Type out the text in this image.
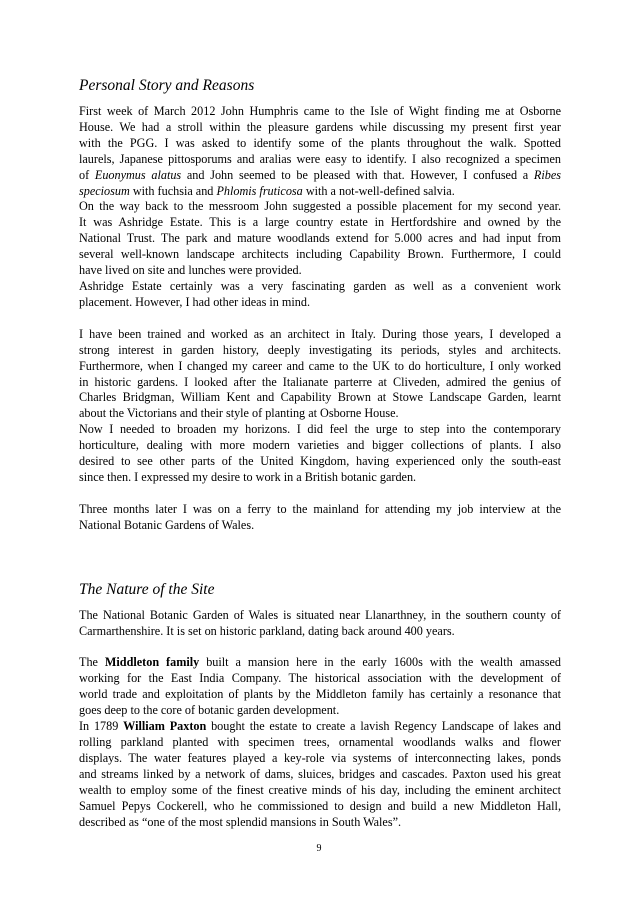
Personal Story and Reasons

First week of March 2012 John Humphris came to the Isle of Wight finding me at Osborne
House. We had a stroll within the pleasure gardens while discussing my present first year
with the PGG. I was asked to identify some of the plants throughout the walk. Spotted
laurels, Japanese pittosporums and aralias were easy to identify. I also recognized a specimen
of Euonymus alatus and John seemed to be pleased with that. However, I confused a Ribes
speciosum with fuchsia and Phlomis fruticosa with a not-well-defined salvia.
On the way back to the messroom John suggested a possible placement for my second year.
It was Ashridge Estate. This is a large country estate in Hertfordshire and owned by the
National Trust. The park and mature woodlands extend for 5.000 acres and had input from
several well-known landscape architects including Capability Brown. Furthermore, I could
have lived on site and lunches were provided.
Ashridge Estate certainly was a very fascinating garden as well as a convenient work
placement. However, I had other ideas in mind.

I have been trained and worked as an architect in Italy. During those years, I developed a
strong interest in garden history, deeply investigating its periods, styles and architects.
Furthermore, when I changed my career and came to the UK to do horticulture, I only worked
in historic gardens. I looked after the Italianate parterre at Cliveden, admired the genius of
Charles Bridgman, William Kent and Capability Brown at Stowe Landscape Garden, learnt
about the Victorians and their style of planting at Osborne House.
Now I needed to broaden my horizons. I did feel the urge to step into the contemporary
horticulture, dealing with more modern varieties and bigger collections of plants. I also
desired to see other parts of the United Kingdom, having experienced only the south-east
since then. I expressed my desire to work in a British botanic garden.

Three months later I was on a ferry to the mainland for attending my job interview at the
National Botanic Gardens of Wales.

The Nature of the Site

The National Botanic Garden of Wales is situated near Llanarthney, in the southern county of
Carmarthenshire. It is set on historic parkland, dating back around 400 years.

The Middleton family built a mansion here in the early 1600s with the wealth amassed
working for the East India Company. The historical association with the development of
world trade and exploitation of plants by the Middleton family has certainly a resonance that
goes deep to the core of botanic garden development.
In 1789 William Paxton bought the estate to create a lavish Regency Landscape of lakes and
rolling parkland planted with specimen trees, ornamental woodlands walks and flower
displays. The water features played a key-role via systems of interconnecting lakes, ponds
and streams linked by a network of dams, sluices, bridges and cascades. Paxton used his great
wealth to employ some of the finest creative minds of his day, including the eminent architect
Samuel Pepys Cockerell, who he commissioned to design and build a new Middleton Hall,
described as “one of the most splendid mansions in South Wales”.

9
